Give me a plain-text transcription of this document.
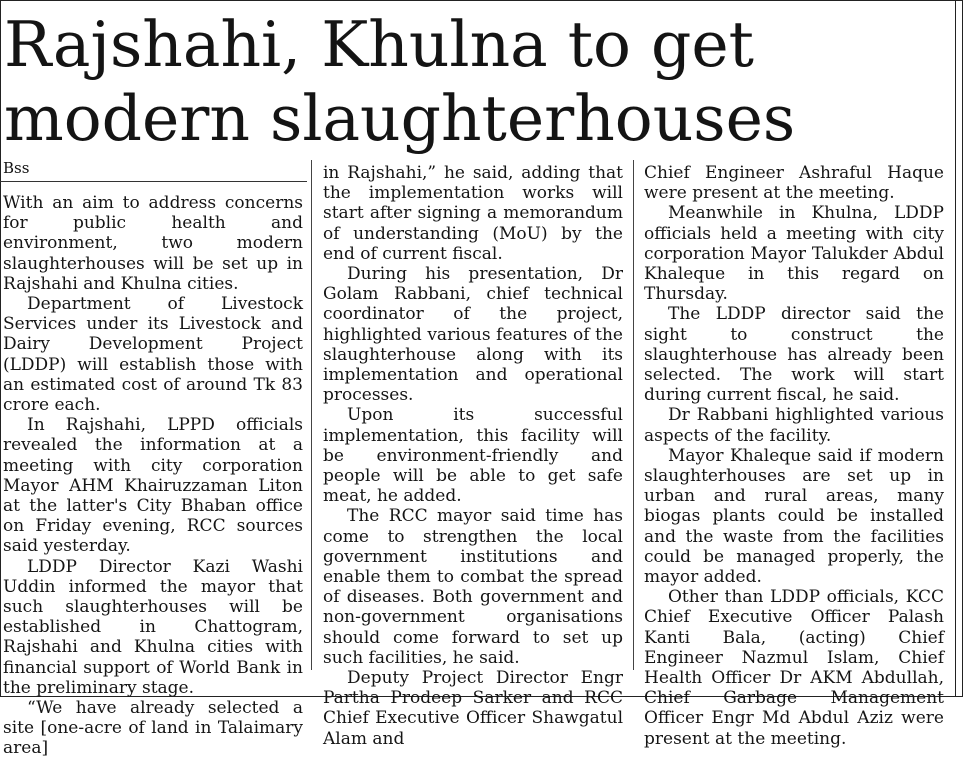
Rajshahi, Khulna to get modern slaughterhouses
Bss

With an aim to address concerns for public health and environment, two modern slaughterhouses will be set up in Rajshahi and Khulna cities.

Department of Livestock Services under its Livestock and Dairy Development Project (LDDP) will establish those with an estimated cost of around Tk 83 crore each.

In Rajshahi, LPPD officials revealed the information at a meeting with city corporation Mayor AHM Khairuzzaman Liton at the latter's City Bhaban office on Friday evening, RCC sources said yesterday.

LDDP Director Kazi Washi Uddin informed the mayor that such slaughterhouses will be established in Chattogram, Rajshahi and Khulna cities with financial support of World Bank in the preliminary stage.

“We have already selected a site [one-acre of land in Talaimary area]

in Rajshahi,” he said, adding that the implementation works will start after signing a memorandum of understanding (MoU) by the end of current fiscal.

During his presentation, Dr Golam Rabbani, chief technical coordinator of the project, highlighted various features of the slaughterhouse along with its implementation and operational processes.

Upon its successful implementation, this facility will be environment-friendly and people will be able to get safe meat, he added.

The RCC mayor said time has come to strengthen the local government institutions and enable them to combat the spread of diseases. Both government and non-government organisations should come forward to set up such facilities, he said.

Deputy Project Director Engr Partha Prodeep Sarker and RCC Chief Executive Officer Shawgatul Alam and

Chief Engineer Ashraful Haque were present at the meeting.

Meanwhile in Khulna, LDDP officials held a meeting with city corporation Mayor Talukder Abdul Khaleque in this regard on Thursday.

The LDDP director said the sight to construct the slaughterhouse has already been selected. The work will start during current fiscal, he said.

Dr Rabbani highlighted various aspects of the facility.

Mayor Khaleque said if modern slaughterhouses are set up in urban and rural areas, many biogas plants could be installed and the waste from the facilities could be managed properly, the mayor added.

Other than LDDP officials, KCC Chief Executive Officer Palash Kanti Bala, (acting) Chief Engineer Nazmul Islam, Chief Health Officer Dr AKM Abdullah, Chief Garbage Management Officer Engr Md Abdul Aziz were present at the meeting.
